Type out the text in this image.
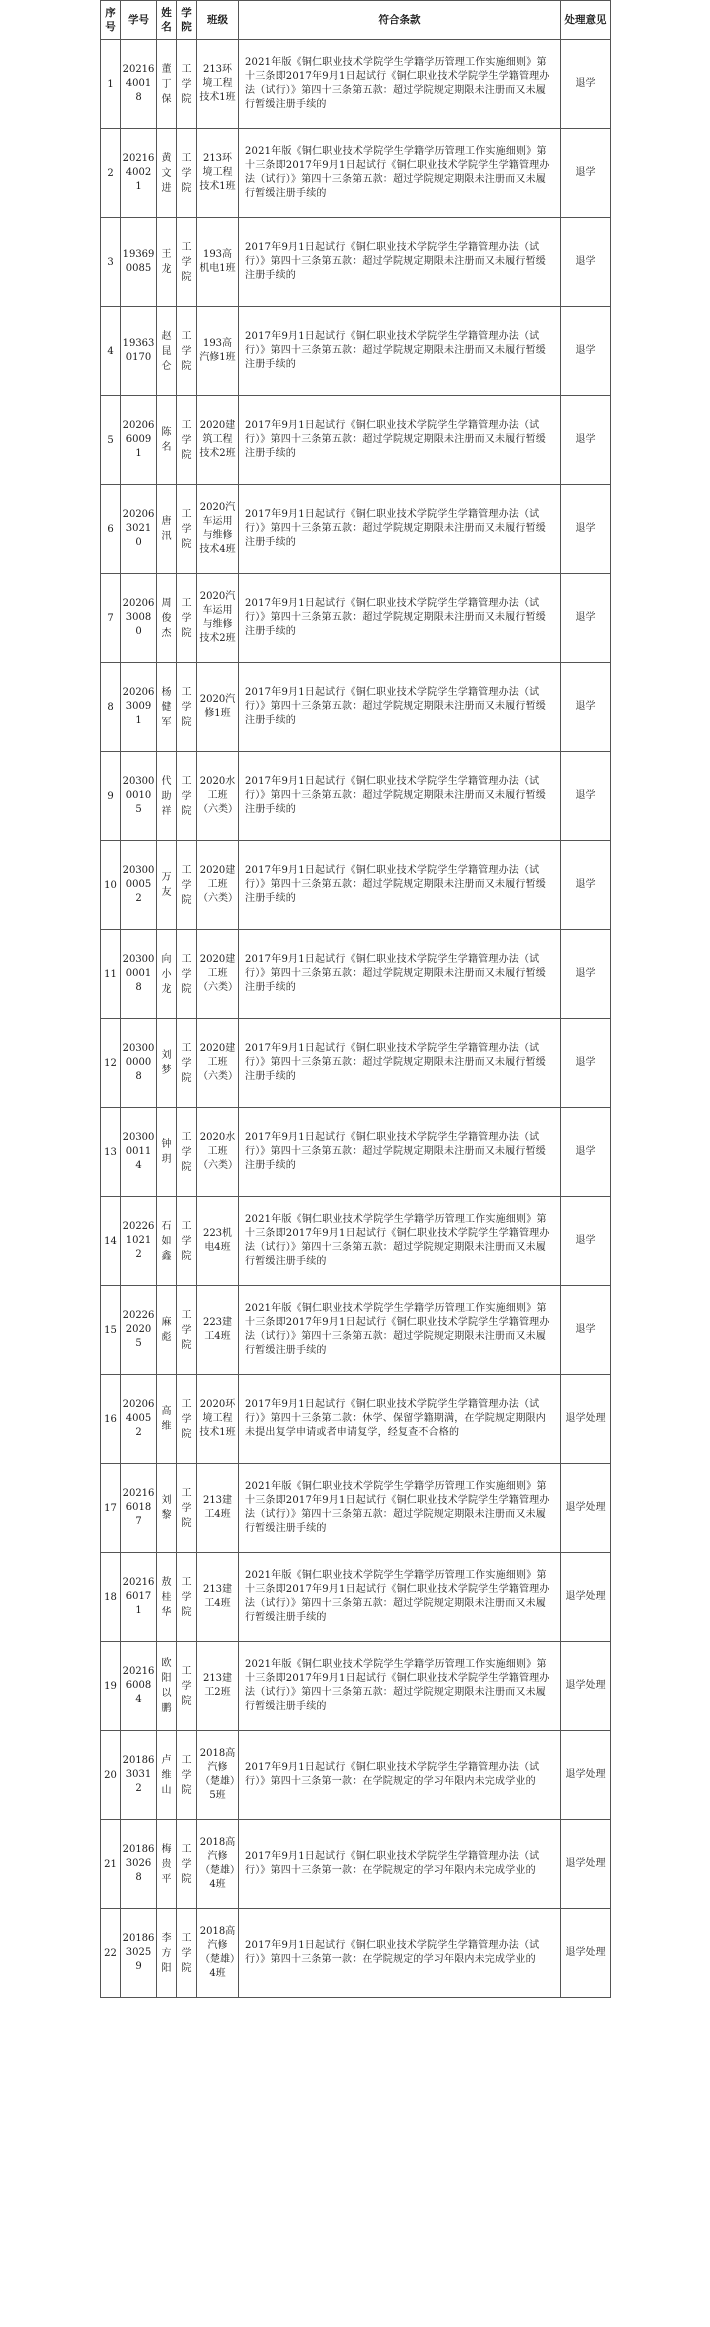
序号	学号	姓名	学院	班级	符合条款	处理意见
1	202164001 8	董丁保	工学院	213环境工程技术1班	2021年版《铜仁职业技术学院学生学籍学历管理工作实施细则》第十三条即2017年9月1日起试行《铜仁职业技术学院学生学籍管理办法（试行）》第四十三条第五款：超过学院规定期限未注册而又未履行暂缓注册手续的	退学
2	202164002 1	黄文进	工学院	213环境工程技术1班	2021年版《铜仁职业技术学院学生学籍学历管理工作实施细则》第十三条即2017年9月1日起试行《铜仁职业技术学院学生学籍管理办法（试行）》第四十三条第五款：超过学院规定期限未注册而又未履行暂缓注册手续的	退学
3	193690085	王龙	工学院	193高机电1班	2017年9月1日起试行《铜仁职业技术学院学生学籍管理办法（试行）》第四十三条第五款：超过学院规定期限未注册而又未履行暂缓注册手续的	退学
4	193630170	赵昆仑	工学院	193高汽修1班	2017年9月1日起试行《铜仁职业技术学院学生学籍管理办法（试行）》第四十三条第五款：超过学院规定期限未注册而又未履行暂缓注册手续的	退学
5	202066009 1	陈名	工学院	2020建筑工程技术2班	2017年9月1日起试行《铜仁职业技术学院学生学籍管理办法（试行）》第四十三条第五款：超过学院规定期限未注册而又未履行暂缓注册手续的	退学
6	202063021 0	唐汛	工学院	2020汽车运用与维修技术4班	2017年9月1日起试行《铜仁职业技术学院学生学籍管理办法（试行）》第四十三条第五款：超过学院规定期限未注册而又未履行暂缓注册手续的	退学
7	202063008 0	周俊杰	工学院	2020汽车运用与维修技术2班	2017年9月1日起试行《铜仁职业技术学院学生学籍管理办法（试行）》第四十三条第五款：超过学院规定期限未注册而又未履行暂缓注册手续的	退学
8	202063009 1	杨健军	工学院	2020汽修1班	2017年9月1日起试行《铜仁职业技术学院学生学籍管理办法（试行）》第四十三条第五款：超过学院规定期限未注册而又未履行暂缓注册手续的	退学
9	203000010 5	代助祥	工学院	2020水工班（六类）	2017年9月1日起试行《铜仁职业技术学院学生学籍管理办法（试行）》第四十三条第五款：超过学院规定期限未注册而又未履行暂缓注册手续的	退学
10	203000005 2	万友	工学院	2020建工班（六类）	2017年9月1日起试行《铜仁职业技术学院学生学籍管理办法（试行）》第四十三条第五款：超过学院规定期限未注册而又未履行暂缓注册手续的	退学
11	203000001 8	向小龙	工学院	2020建工班（六类）	2017年9月1日起试行《铜仁职业技术学院学生学籍管理办法（试行）》第四十三条第五款：超过学院规定期限未注册而又未履行暂缓注册手续的	退学
12	203000000 8	刘梦	工学院	2020建工班（六类）	2017年9月1日起试行《铜仁职业技术学院学生学籍管理办法（试行）》第四十三条第五款：超过学院规定期限未注册而又未履行暂缓注册手续的	退学
13	203000011 4	钟玥	工学院	2020水工班（六类）	2017年9月1日起试行《铜仁职业技术学院学生学籍管理办法（试行）》第四十三条第五款：超过学院规定期限未注册而又未履行暂缓注册手续的	退学
14	202261021 2	石如鑫	工学院	223机电4班	2021年版《铜仁职业技术学院学生学籍学历管理工作实施细则》第十三条即2017年9月1日起试行《铜仁职业技术学院学生学籍管理办法（试行）》第四十三条第五款：超过学院规定期限未注册而又未履行暂缓注册手续的	退学
15	202262020 5	麻彪	工学院	223建工4班	2021年版《铜仁职业技术学院学生学籍学历管理工作实施细则》第十三条即2017年9月1日起试行《铜仁职业技术学院学生学籍管理办法（试行）》第四十三条第五款：超过学院规定期限未注册而又未履行暂缓注册手续的	退学
16	202064005 2	高维	工学院	2020环境工程技术1班	2017年9月1日起试行《铜仁职业技术学院学生学籍管理办法（试行）》第四十三条第二款：休学、保留学籍期满，在学院规定期限内未提出复学申请或者申请复学，经复查不合格的	退学处理
17	202166018 7	刘黎	工学院	213建工4班	2021年版《铜仁职业技术学院学生学籍学历管理工作实施细则》第十三条即2017年9月1日起试行《铜仁职业技术学院学生学籍管理办法（试行）》第四十三条第五款：超过学院规定期限未注册而又未履行暂缓注册手续的	退学处理
18	202166017 1	敖桂华	工学院	213建工4班	2021年版《铜仁职业技术学院学生学籍学历管理工作实施细则》第十三条即2017年9月1日起试行《铜仁职业技术学院学生学籍管理办法（试行）》第四十三条第五款：超过学院规定期限未注册而又未履行暂缓注册手续的	退学处理
19	202166008 4	欧阳以鹏	工学院	213建工2班	2021年版《铜仁职业技术学院学生学籍学历管理工作实施细则》第十三条即2017年9月1日起试行《铜仁职业技术学院学生学籍管理办法（试行）》第四十三条第五款：超过学院规定期限未注册而又未履行暂缓注册手续的	退学处理
20	201863031 2	卢维山	工学院	2018高汽修（楚雄）5班	2017年9月1日起试行《铜仁职业技术学院学生学籍管理办法（试行）》第四十三条第一款：在学院规定的学习年限内未完成学业的	退学处理
21	201863026 8	梅贵平	工学院	2018高汽修（楚雄）4班	2017年9月1日起试行《铜仁职业技术学院学生学籍管理办法（试行）》第四十三条第一款：在学院规定的学习年限内未完成学业的	退学处理
22	201863025 9	李方阳	工学院	2018高汽修（楚雄）4班	2017年9月1日起试行《铜仁职业技术学院学生学籍管理办法（试行）》第四十三条第一款：在学院规定的学习年限内未完成学业的	退学处理
